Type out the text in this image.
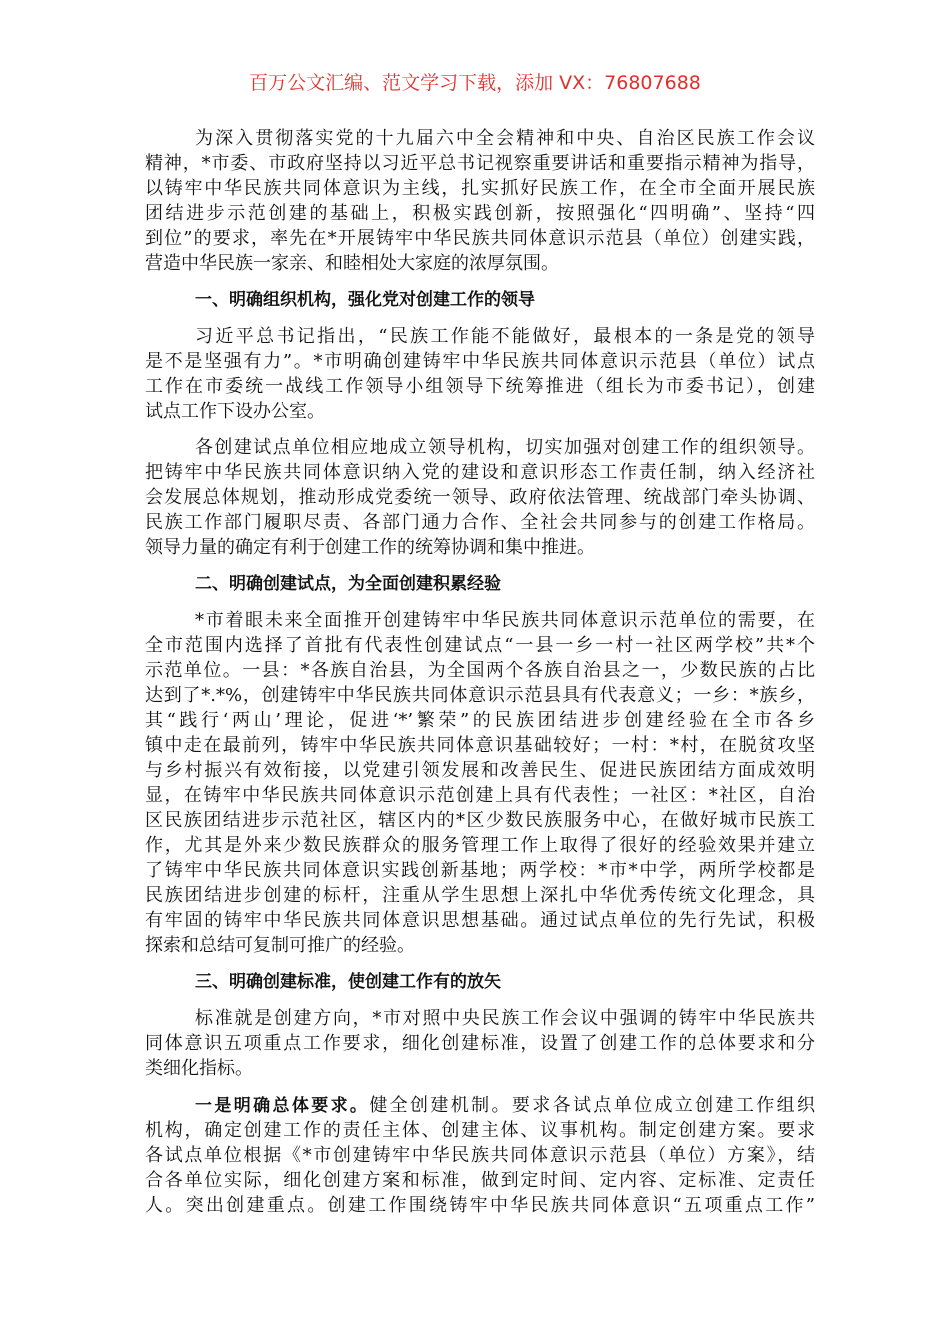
百万公文汇编、范文学习下载，添加 VX：76807688
为深入贯彻落实党的十九届六中全会精神和中央、自治区民族工作会议
精神，*市委、市政府坚持以习近平总书记视察重要讲话和重要指示精神为指导，
以铸牢中华民族共同体意识为主线，扎实抓好民族工作，在全市全面开展民族
团结进步示范创建的基础上，积极实践创新，按照强化“四明确”、坚持“四
到位”的要求，率先在*开展铸牢中华民族共同体意识示范县（单位）创建实践，
营造中华民族一家亲、和睦相处大家庭的浓厚氛围。
一、明确组织机构，强化党对创建工作的领导
习近平总书记指出，“民族工作能不能做好，最根本的一条是党的领导
是不是坚强有力”。*市明确创建铸牢中华民族共同体意识示范县（单位）试点
工作在市委统一战线工作领导小组领导下统筹推进（组长为市委书记），创建
试点工作下设办公室。
各创建试点单位相应地成立领导机构，切实加强对创建工作的组织领导。
把铸牢中华民族共同体意识纳入党的建设和意识形态工作责任制，纳入经济社
会发展总体规划，推动形成党委统一领导、政府依法管理、统战部门牵头协调、
民族工作部门履职尽责、各部门通力合作、全社会共同参与的创建工作格局。
领导力量的确定有利于创建工作的统筹协调和集中推进。
二、明确创建试点，为全面创建积累经验
*市着眼未来全面推开创建铸牢中华民族共同体意识示范单位的需要，在
全市范围内选择了首批有代表性创建试点“一县一乡一村一社区两学校”共*个
示范单位。一县：*各族自治县，为全国两个各族自治县之一，少数民族的占比
达到了*.*%，创建铸牢中华民族共同体意识示范县具有代表意义；一乡：*族乡，
其“践行‘两山’理论，促进‘*’繁荣”的民族团结进步创建经验在全市各乡
镇中走在最前列，铸牢中华民族共同体意识基础较好；一村：*村，在脱贫攻坚
与乡村振兴有效衔接，以党建引领发展和改善民生、促进民族团结方面成效明
显，在铸牢中华民族共同体意识示范创建上具有代表性；一社区：*社区，自治
区民族团结进步示范社区，辖区内的*区少数民族服务中心，在做好城市民族工
作，尤其是外来少数民族群众的服务管理工作上取得了很好的经验效果并建立
了铸牢中华民族共同体意识实践创新基地；两学校：*市*中学，两所学校都是
民族团结进步创建的标杆，注重从学生思想上深扎中华优秀传统文化理念，具
有牢固的铸牢中华民族共同体意识思想基础。通过试点单位的先行先试，积极
探索和总结可复制可推广的经验。
三、明确创建标准，使创建工作有的放矢
标准就是创建方向，*市对照中央民族工作会议中强调的铸牢中华民族共
同体意识五项重点工作要求，细化创建标准，设置了创建工作的总体要求和分
类细化指标。
一是明确总体要求。健全创建机制。要求各试点单位成立创建工作组织
机构，确定创建工作的责任主体、创建主体、议事机构。制定创建方案。要求
各试点单位根据《*市创建铸牢中华民族共同体意识示范县（单位）方案》，结
合各单位实际，细化创建方案和标准，做到定时间、定内容、定标准、定责任
人。突出创建重点。创建工作围绕铸牢中华民族共同体意识“五项重点工作”
